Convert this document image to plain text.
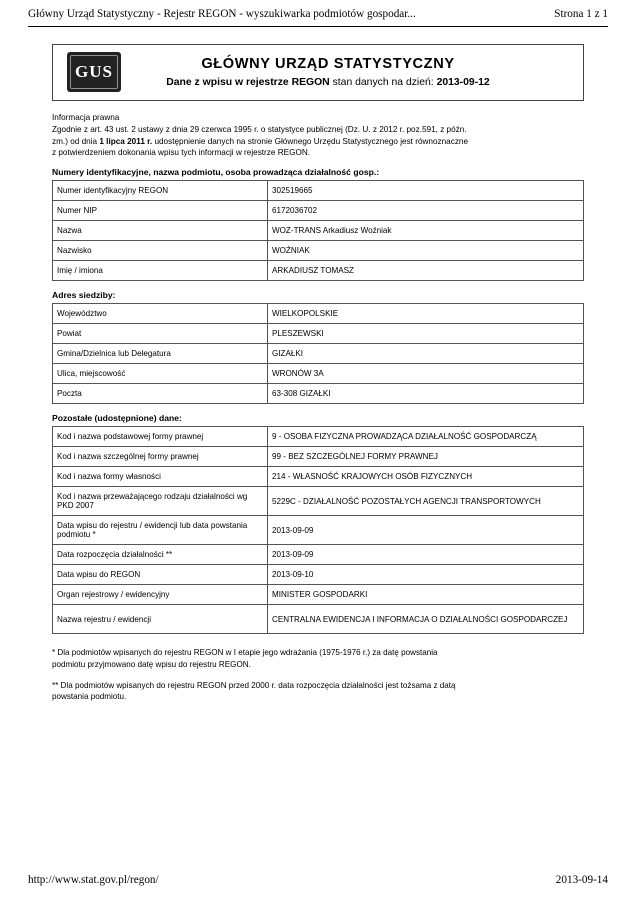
Główny Urząd Statystyczny - Rejestr REGON - wyszukiwarka podmiotów gospodar...	Strona 1 z 1
GUS	GŁÓWNY URZĄD STATYSTYCZNY
Dane z wpisu w rejestrze REGON stan danych na dzień: 2013-09-12
Informacja prawna
Zgodnie z art. 43 ust. 2 ustawy z dnia 29 czerwca 1995 r. o statystyce publicznej (Dz. U. z 2012 r. poz.591, z późn.
zm.) od dnia 1 lipca 2011 r. udostępnienie danych na stronie Głównego Urzędu Statystycznego jest równoznaczne
z potwierdzeniem dokonania wpisu tych informacji w rejestrze REGON.
Numery identyfikacyjne, nazwa podmiotu, osoba prowadząca działalność gosp.:
Numer identyfikacyjny REGON	302519665
Numer NIP	6172036702
Nazwa	WOZ-TRANS Arkadiusz Woźniak
Nazwisko	WOŹNIAK
Imię / imiona	ARKADIUSZ TOMASZ
Adres siedziby:
Województwo	WIELKOPOLSKIE
Powiat	PLESZEWSKI
Gmina/Dzielnica lub Delegatura	GIZAŁKI
Ulica, miejscowość	WRONÓW 3A
Poczta	63-308 GIZAŁKI
Pozostałe (udostępnione) dane:
Kod i nazwa podstawowej formy prawnej	9 - OSOBA FIZYCZNA PROWADZĄCA DZIAŁALNOŚĆ GOSPODARCZĄ
Kod i nazwa szczególnej formy prawnej	99 - BEZ SZCZEGÓLNEJ FORMY PRAWNEJ
Kod i nazwa formy własności	214 - WŁASNOŚĆ KRAJOWYCH OSÓB FIZYCZNYCH
Kod i nazwa przeważającego rodzaju działalności wg PKD 2007	5229C - DZIAŁALNOŚĆ POZOSTAŁYCH AGENCJI TRANSPORTOWYCH
Data wpisu do rejestru / ewidencji lub data powstania podmiotu *	2013-09-09
Data rozpoczęcia działalności **	2013-09-09
Data wpisu do REGON	2013-09-10
Organ rejestrowy / ewidencyjny	MINISTER GOSPODARKI
Nazwa rejestru / ewidencji	CENTRALNA EWIDENCJA I INFORMACJA O DZIAŁALNOŚCI GOSPODARCZEJ

* Dla podmiotów wpisanych do rejestru REGON w I etapie jego wdrażania (1975-1976 r.) za datę powstania
podmiotu przyjmowano datę wpisu do rejestru REGON.

** Dla podmiotów wpisanych do rejestru REGON przed 2000 r. data rozpoczęcia działalności jest tożsama z datą
powstania podmiotu.

http://www.stat.gov.pl/regon/	2013-09-14
